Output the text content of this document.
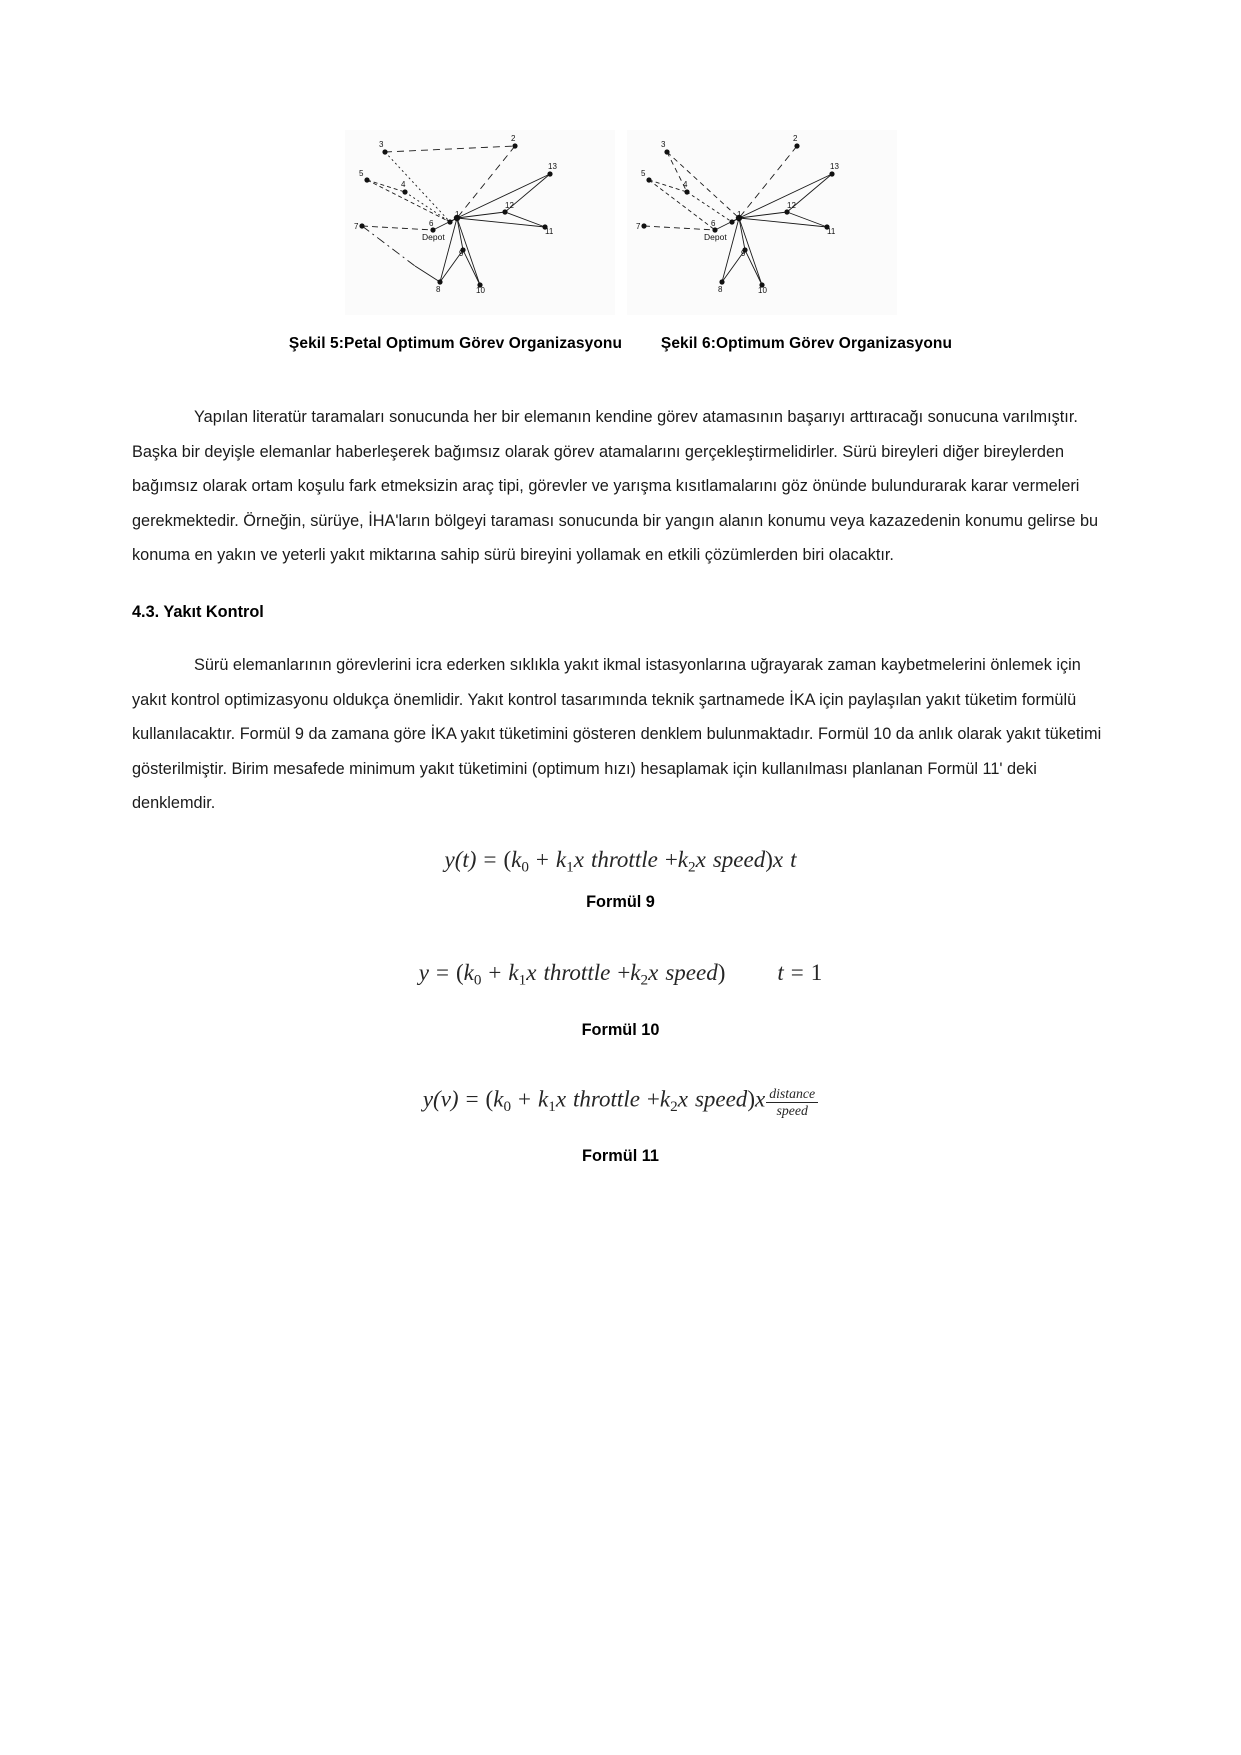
3
2
5
4
13
1
12
7	6
11
9
8	10
Depot
3
2
5
4
13
1
12
7	6
11
9
8	10
Depot
Şekil 5:Petal Optimum Görev Organizasyonu	Şekil 6:Optimum Görev Organizasyonu
Yapılan literatür taramaları sonucunda her bir elemanın kendine görev atamasının başarıyı arttıracağı sonucuna varılmıştır. Başka bir deyişle elemanlar haberleşerek bağımsız olarak görev atamalarını gerçekleştirmelidirler. Sürü bireyleri diğer bireylerden bağımsız olarak ortam koşulu fark etmeksizin araç tipi, görevler ve yarışma kısıtlamalarını göz önünde bulundurarak karar vermeleri gerekmektedir. Örneğin, sürüye, İHA'ların bölgeyi taraması sonucunda bir yangın alanın konumu veya kazazedenin konumu gelirse bu konuma en yakın ve yeterli yakıt miktarına sahip sürü bireyini yollamak en etkili çözümlerden biri olacaktır.
4.3. Yakıt Kontrol
Sürü elemanlarının görevlerini icra ederken sıklıkla yakıt ikmal istasyonlarına uğrayarak zaman kaybetmelerini önlemek için yakıt kontrol optimizasyonu oldukça önemlidir. Yakıt kontrol tasarımında teknik şartnamede İKA için paylaşılan yakıt tüketim formülü kullanılacaktır. Formül 9 da zamana göre İKA yakıt tüketimini gösteren denklem bulunmaktadır. Formül 10 da anlık olarak yakıt tüketimi gösterilmiştir. Birim mesafede minimum yakıt tüketimini (optimum hızı) hesaplamak için kullanılması planlanan Formül 11' deki denklemdir.
$y(t) = (k_0 + k_1x$ throttle $+k_2x$ speed)x t
Formül 9
$y = (k_0 + k_1x$ throttle $+k_2x$ speed) t = 1
Formül 10
$y(v) = (k_0 + k_1x$ throttle $+k_2x$ speed)x $\frac{\text{distance}}{\text{speed}}$
Formül 11
